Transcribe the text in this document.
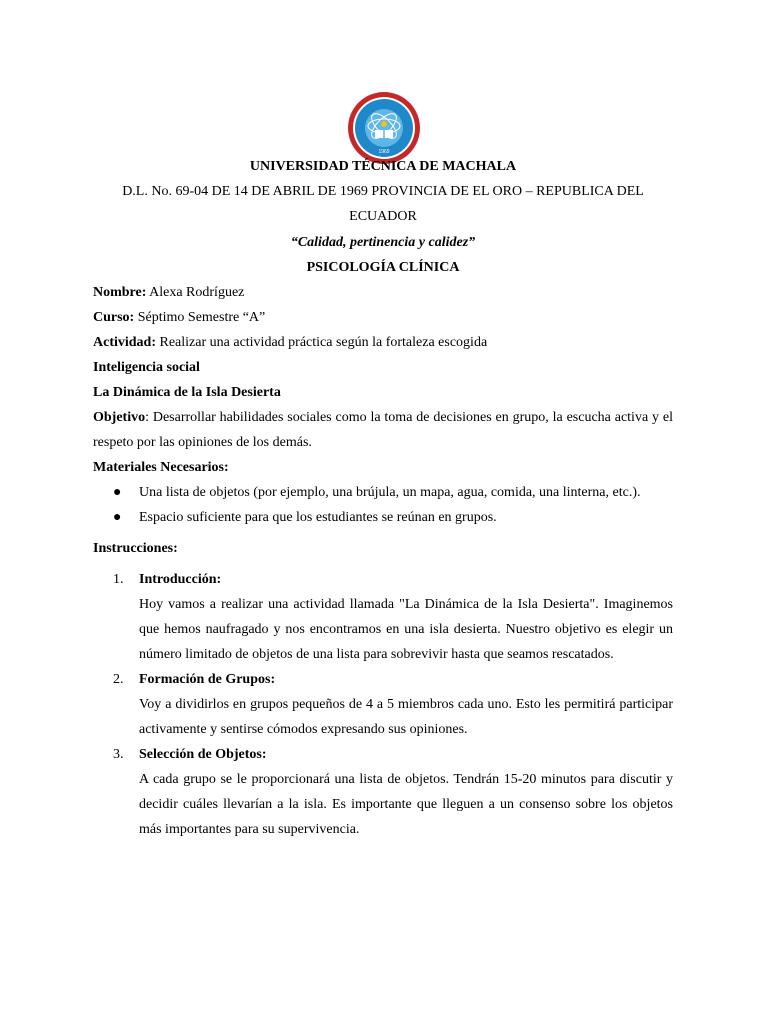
1969

UNIVERSIDAD TÉCNICA DE MACHALA

D.L. No. 69-04 DE 14 DE ABRIL DE 1969 PROVINCIA DE EL ORO – REPUBLICA DEL ECUADOR

“Calidad, pertinencia y calidez”

PSICOLOGÍA CLÍNICA

Nombre: Alexa Rodríguez

Curso: Séptimo Semestre “A”

Actividad: Realizar una actividad práctica según la fortaleza escogida

Inteligencia social

La Dinámica de la Isla Desierta

Objetivo: Desarrollar habilidades sociales como la toma de decisiones en grupo, la escucha activa y el respeto por las opiniones de los demás.

Materiales Necesarios:

● Una lista de objetos (por ejemplo, una brújula, un mapa, agua, comida, una linterna, etc.).
● Espacio suficiente para que los estudiantes se reúnan en grupos.

Instrucciones:

1. Introducción:
Hoy vamos a realizar una actividad llamada "La Dinámica de la Isla Desierta". Imaginemos que hemos naufragado y nos encontramos en una isla desierta. Nuestro objetivo es elegir un número limitado de objetos de una lista para sobrevivir hasta que seamos rescatados.
2. Formación de Grupos:
Voy a dividirlos en grupos pequeños de 4 a 5 miembros cada uno. Esto les permitirá participar activamente y sentirse cómodos expresando sus opiniones.
3. Selección de Objetos:
A cada grupo se le proporcionará una lista de objetos. Tendrán 15-20 minutos para discutir y decidir cuáles llevarían a la isla. Es importante que lleguen a un consenso sobre los objetos más importantes para su supervivencia.
